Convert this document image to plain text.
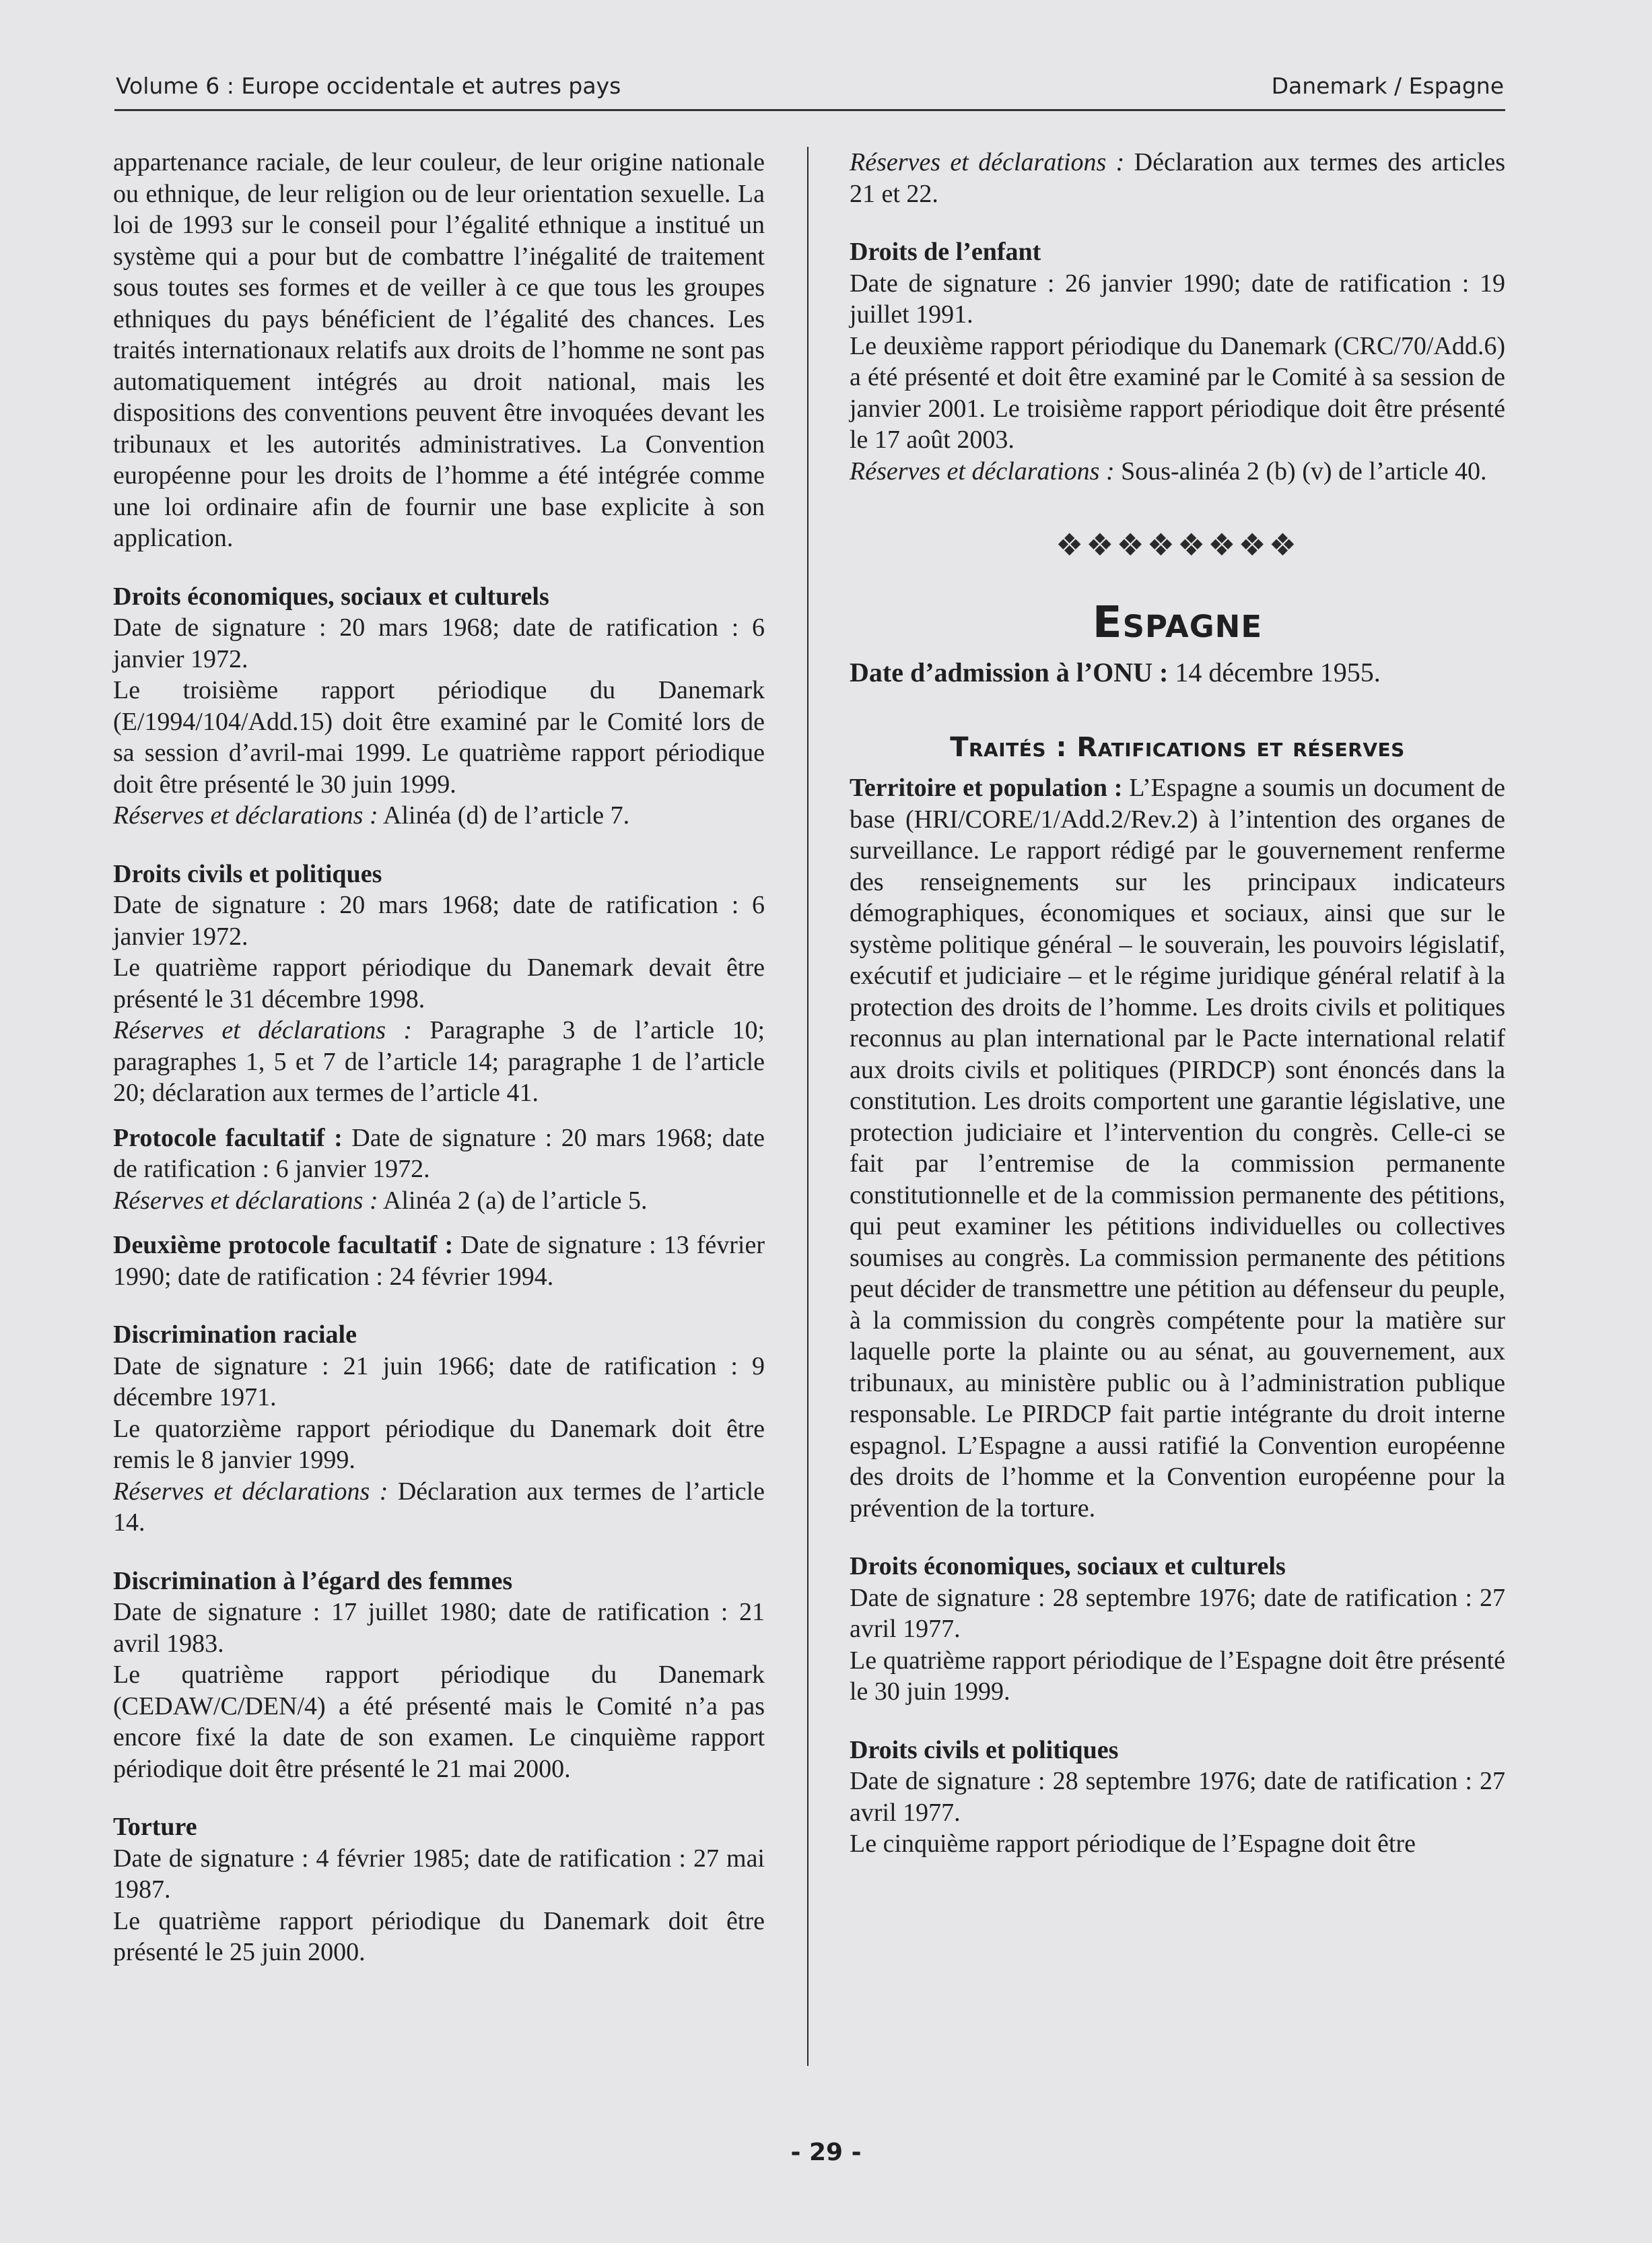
Volume 6 : Europe occidentale et autres pays	Danemark / Espagne

appartenance raciale, de leur couleur, de leur origine nationale ou ethnique, de leur religion ou de leur orientation sexuelle. La loi de 1993 sur le conseil pour l’égalité ethnique a institué un système qui a pour but de combattre l’inégalité de traitement sous toutes ses formes et de veiller à ce que tous les groupes ethniques du pays bénéficient de l’égalité des chances. Les traités internationaux relatifs aux droits de l’homme ne sont pas automatiquement intégrés au droit national, mais les dispositions des conventions peuvent être invoquées devant les tribunaux et les autorités administratives. La Convention européenne pour les droits de l’homme a été intégrée comme une loi ordinaire afin de fournir une base explicite à son application.

Droits économiques, sociaux et culturels

Date de signature : 20 mars 1968; date de ratification : 6 janvier 1972.

Le troisième rapport périodique du Danemark (E/1994/104/Add.15) doit être examiné par le Comité lors de sa session d’avril-mai 1999. Le quatrième rapport périodique doit être présenté le 30 juin 1999.

Réserves et déclarations : Alinéa (d) de l’article 7.

Droits civils et politiques

Date de signature : 20 mars 1968; date de ratification : 6 janvier 1972.

Le quatrième rapport périodique du Danemark devait être présenté le 31 décembre 1998.

Réserves et déclarations : Paragraphe 3 de l’article 10; paragraphes 1, 5 et 7 de l’article 14; paragraphe 1 de l’article 20; déclaration aux termes de l’article 41.

Protocole facultatif : Date de signature : 20 mars 1968; date de ratification : 6 janvier 1972.

Réserves et déclarations : Alinéa 2 (a) de l’article 5.

Deuxième protocole facultatif : Date de signature : 13 février 1990; date de ratification : 24 février 1994.

Discrimination raciale

Date de signature : 21 juin 1966; date de ratification : 9 décembre 1971.

Le quatorzième rapport périodique du Danemark doit être remis le 8 janvier 1999.

Réserves et déclarations : Déclaration aux termes de l’article 14.

Discrimination à l’égard des femmes

Date de signature : 17 juillet 1980; date de ratification : 21 avril 1983.

Le quatrième rapport périodique du Danemark (CEDAW/C/DEN/4) a été présenté mais le Comité n’a pas encore fixé la date de son examen. Le cinquième rapport périodique doit être présenté le 21 mai 2000.

Torture

Date de signature : 4 février 1985; date de ratification : 27 mai 1987.

Le quatrième rapport périodique du Danemark doit être présenté le 25 juin 2000.

Réserves et déclarations : Déclaration aux termes des articles 21 et 22.

Droits de l’enfant

Date de signature : 26 janvier 1990; date de ratification : 19 juillet 1991.

Le deuxième rapport périodique du Danemark (CRC/70/Add.6) a été présenté et doit être examiné par le Comité à sa session de janvier 2001. Le troisième rapport périodique doit être présenté le 17 août 2003.

Réserves et déclarations : Sous-alinéa 2 (b) (v) de l’article 40.

❖❖❖❖❖❖❖❖
Espagne

Date d’admission à l’ONU : 14 décembre 1955.

Traités : Ratifications et réserves

Territoire et population : L’Espagne a soumis un document de base (HRI/CORE/1/Add.2/Rev.2) à l’intention des organes de surveillance. Le rapport rédigé par le gouvernement renferme des renseignements sur les principaux indicateurs démographiques, économiques et sociaux, ainsi que sur le système politique général – le souverain, les pouvoirs législatif, exécutif et judiciaire – et le régime juridique général relatif à la protection des droits de l’homme. Les droits civils et politiques reconnus au plan international par le Pacte international relatif aux droits civils et politiques (PIRDCP) sont énoncés dans la constitution. Les droits comportent une garantie législative, une protection judiciaire et l’intervention du congrès. Celle-ci se fait par l’entremise de la commission permanente constitutionnelle et de la commission permanente des pétitions, qui peut examiner les pétitions individuelles ou collectives soumises au congrès. La commission permanente des pétitions peut décider de transmettre une pétition au défenseur du peuple, à la commission du congrès compétente pour la matière sur laquelle porte la plainte ou au sénat, au gouvernement, aux tribunaux, au ministère public ou à l’administration publique responsable. Le PIRDCP fait partie intégrante du droit interne espagnol. L’Espagne a aussi ratifié la Convention européenne des droits de l’homme et la Convention européenne pour la prévention de la torture.

Droits économiques, sociaux et culturels

Date de signature : 28 septembre 1976; date de ratification : 27 avril 1977.

Le quatrième rapport périodique de l’Espagne doit être présenté le 30 juin 1999.

Droits civils et politiques

Date de signature : 28 septembre 1976; date de ratification : 27 avril 1977.

Le cinquième rapport périodique de l’Espagne doit être

- 29 -
